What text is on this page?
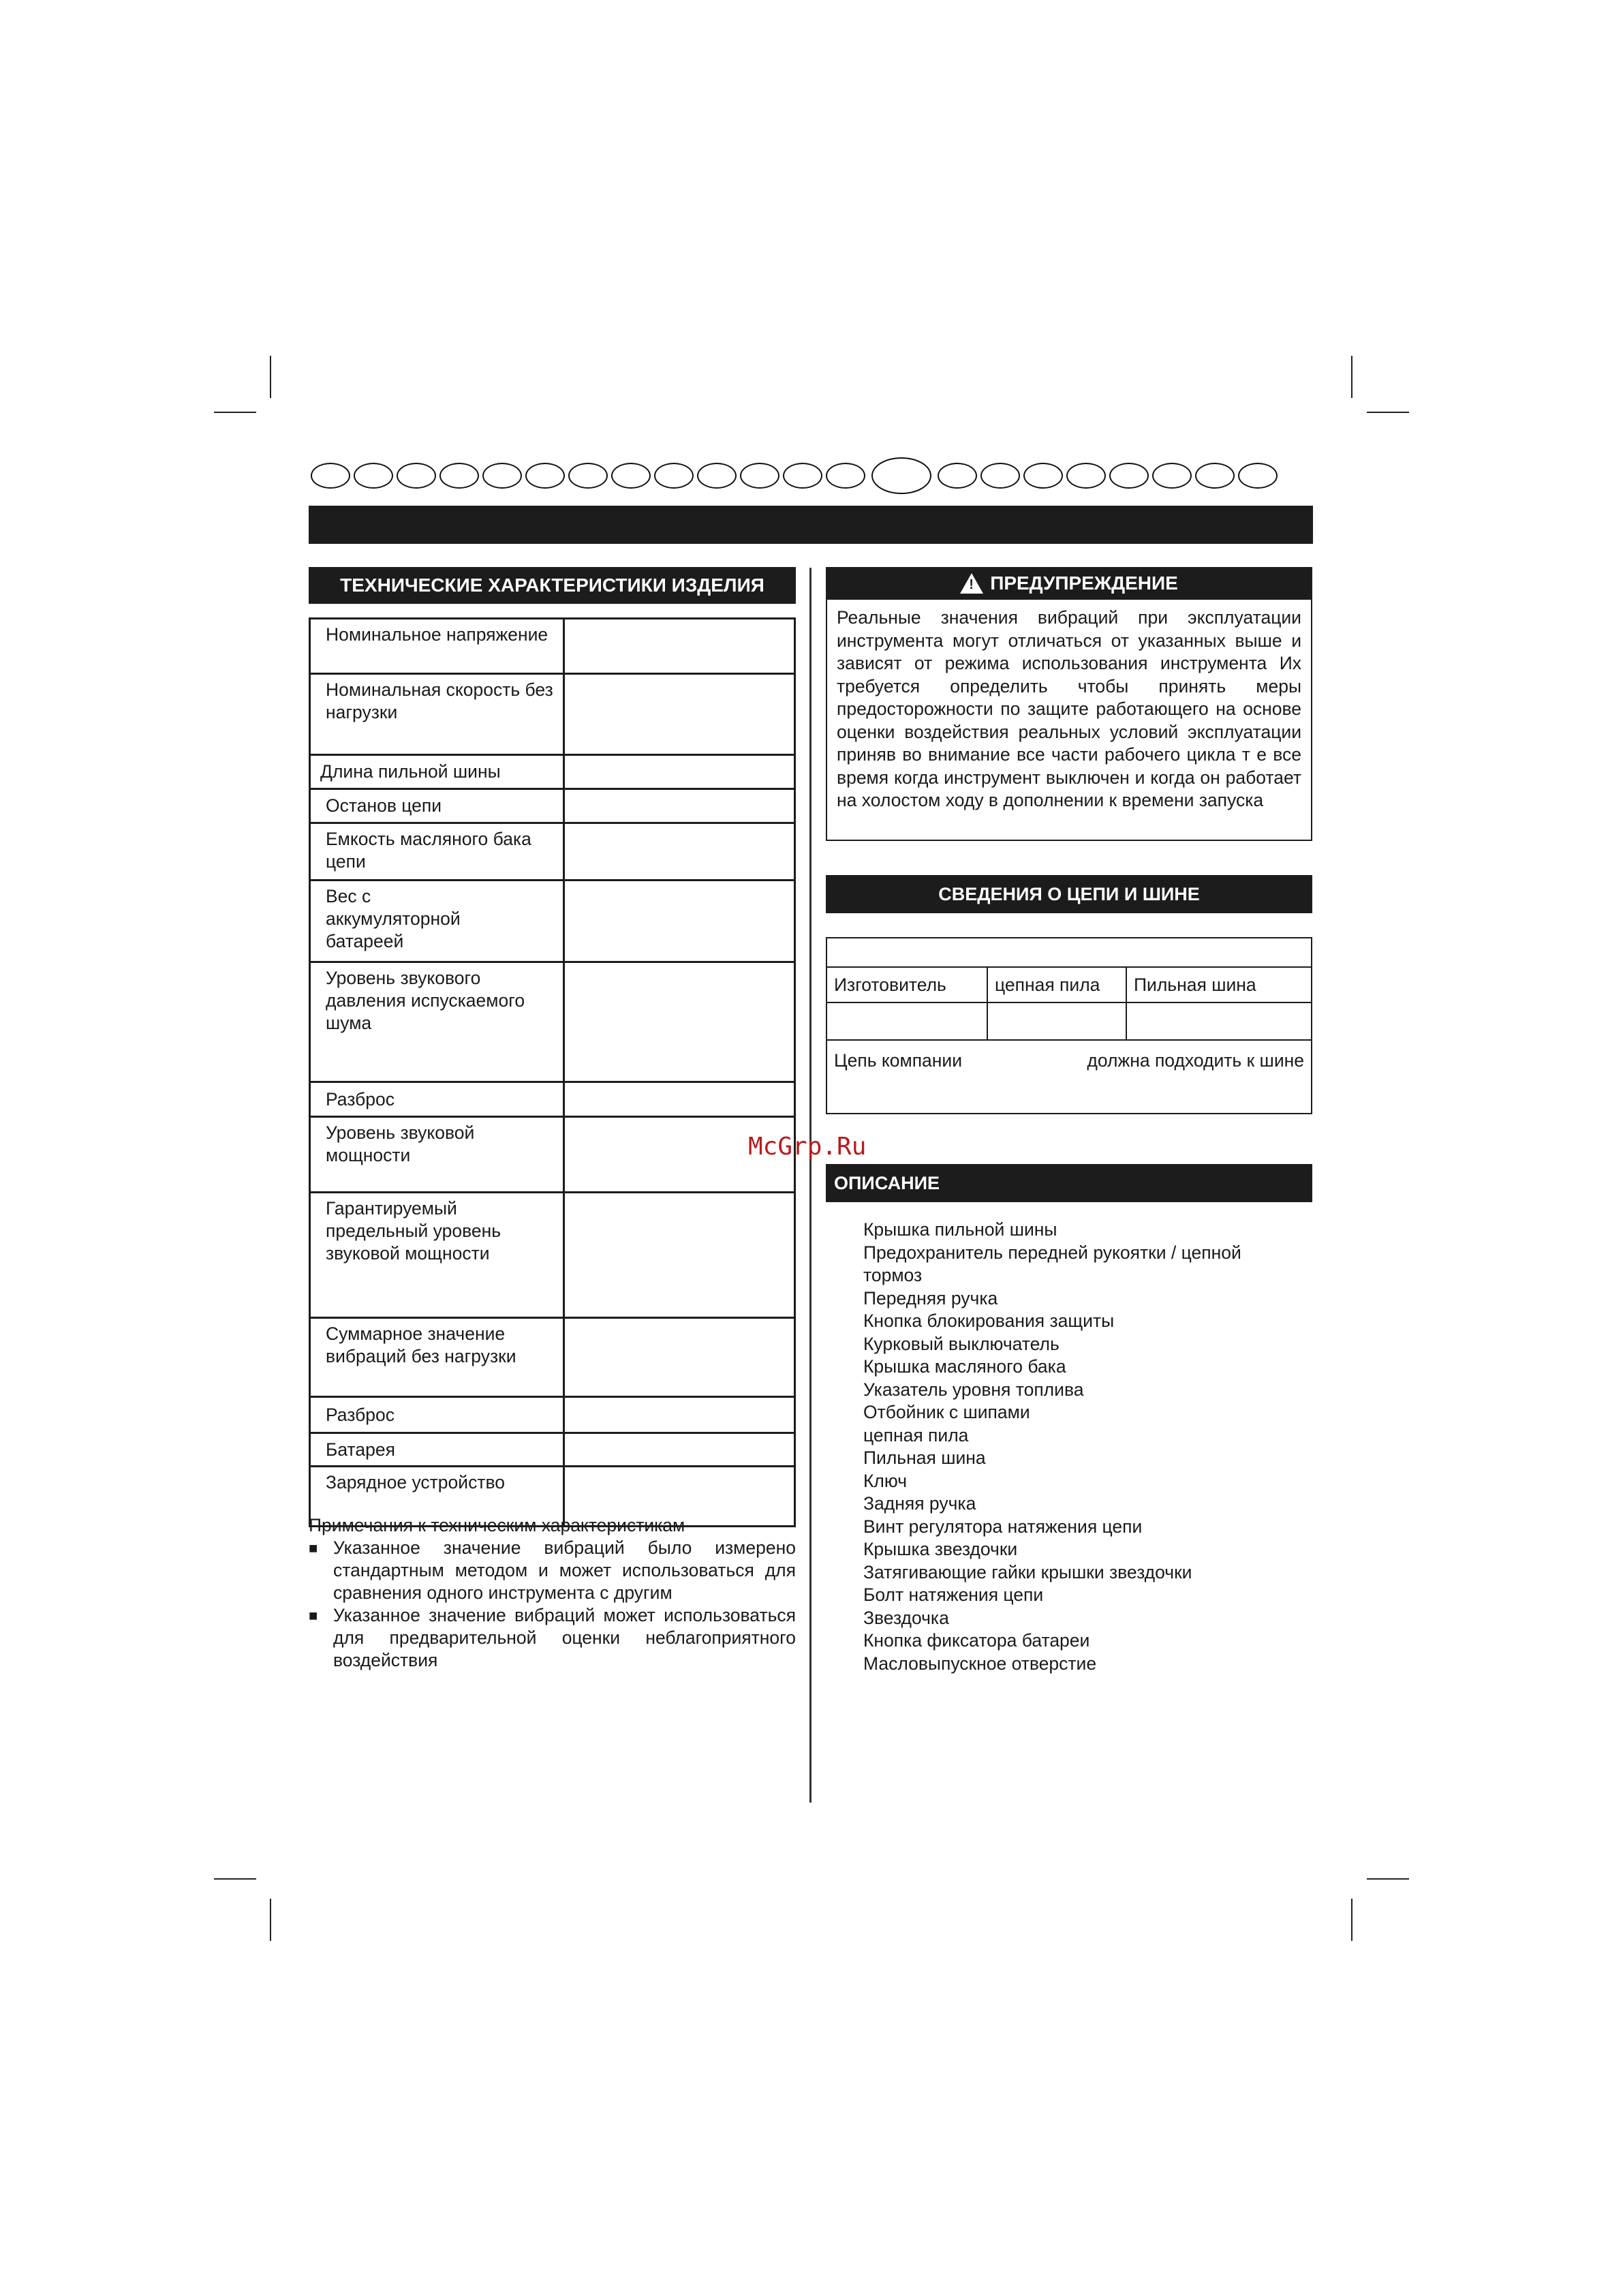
ТЕХНИЧЕСКИЕ ХАРАКТЕРИСТИКИ ИЗДЕЛИЯ
Номинальное напряжение	
Номинальная скорость без нагрузки	
Длина пильной шины	
Останов цепи	
Емкость масляного бака цепи	
Вес с аккумуляторной батареей	
Уровень звукового давления испускаемого шума	
Разброс	
Уровень звуковой мощности	
Гарантируемый предельный уровень звуковой мощности	
Суммарное значение вибраций без нагрузки	
Разброс	
Батарея	
Зарядное устройство	
Примечания к техническим характеристикам
■ Указанное значение вибраций было измерено стандартным методом и может использоваться для сравнения одного инструмента с другим
■ Указанное значение вибраций может использоваться для предварительной оценки неблагоприятного воздействия
! ПРЕДУПРЕЖДЕНИЕ
Реальные значения вибраций при эксплуатации инструмента могут отличаться от указанных выше и зависят от режима использования инструмента Их требуется определить чтобы принять меры предосторожности по защите работающего на основе оценки воздействия реальных условий эксплуатации приняв во внимание все части рабочего цикла т е все время когда инструмент выключен и когда он работает на холостом ходу в дополнении к времени запуска
СВЕДЕНИЯ О ЦЕПИ И ШИНЕ

Изготовитель	цепная пила	Пильная шина

Цепь компании должна подходить к шине		
McGrp.Ru
ОПИСАНИЕ
Крышка пильной шины
Предохранитель передней рукоятки / цепной тормоз
Передняя ручка
Кнопка блокирования защиты
Курковый выключатель
Крышка масляного бака
Указатель уровня топлива
Отбойник с шипами
цепная пила
Пильная шина
Ключ
Задняя ручка
Винт регулятора натяжения цепи
Крышка звездочки
Затягивающие гайки крышки звездочки
Болт натяжения цепи
Звездочка
Кнопка фиксатора батареи
Масловыпускное отверстие
